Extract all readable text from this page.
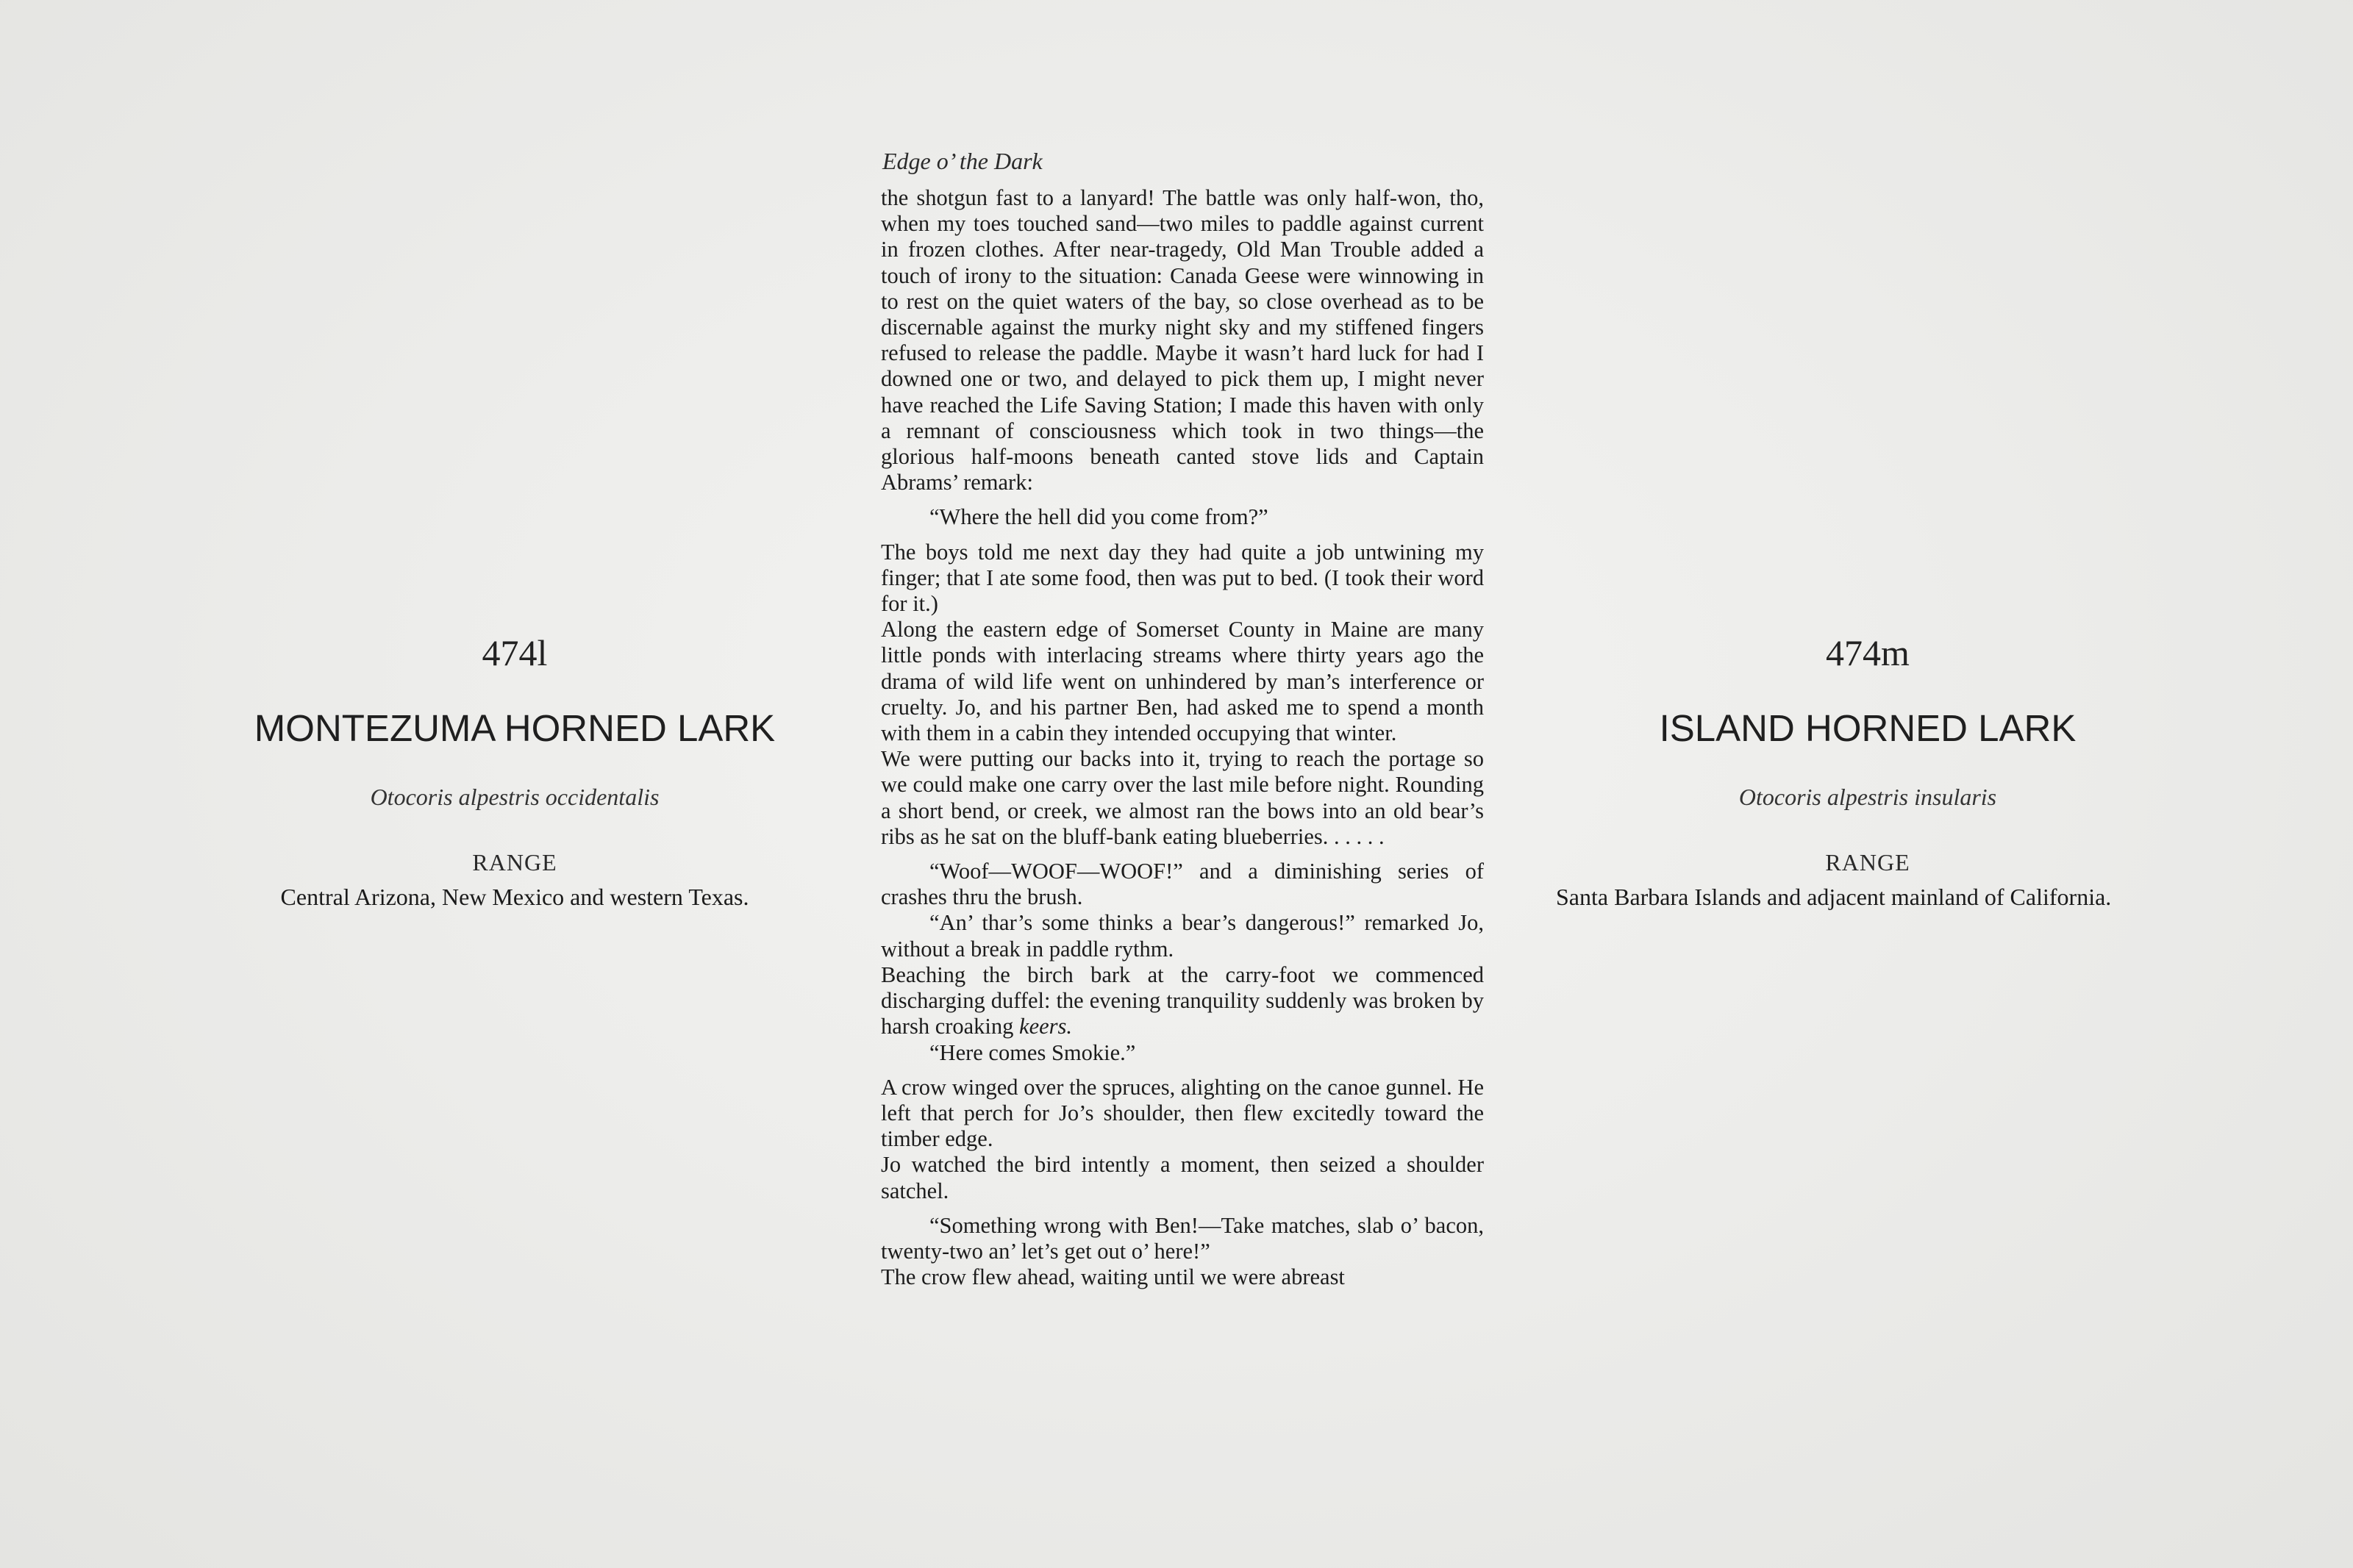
474l
MONTEZUMA HORNED LARK
Otocoris alpestris occidentalis
RANGE
Central Arizona, New Mexico and western Texas.
Edge o’ the Dark

the shotgun fast to a lanyard! The battle was only half-won, tho, when my toes touched sand—two miles to paddle against current in frozen clothes. After near-tragedy, Old Man Trouble added a touch of irony to the situation: Canada Geese were winnowing in to rest on the quiet waters of the bay, so close overhead as to be discernable against the murky night sky and my stiffened fingers refused to release the paddle. Maybe it wasn’t hard luck for had I downed one or two, and delayed to pick them up, I might never have reached the Life Saving Station; I made this haven with only a remnant of consciousness which took in two things—the glorious half-moons beneath canted stove lids and Captain Abrams’ remark:

“Where the hell did you come from?”

The boys told me next day they had quite a job untwining my finger; that I ate some food, then was put to bed. (I took their word for it.)

Along the eastern edge of Somerset County in Maine are many little ponds with interlacing streams where thirty years ago the drama of wild life went on unhindered by man’s interference or cruelty. Jo, and his partner Ben, had asked me to spend a month with them in a cabin they intended occupying that winter.

We were putting our backs into it, trying to reach the portage so we could make one carry over the last mile before night. Rounding a short bend, or creek, we almost ran the bows into an old bear’s ribs as he sat on the bluff-bank eating blueberries. . . . . .

“Woof—WOOF—WOOF!” and a diminishing series of crashes thru the brush.

“An’ thar’s some thinks a bear’s dangerous!” remarked Jo, without a break in paddle rythm.

Beaching the birch bark at the carry-foot we commenced discharging duffel: the evening tranquility suddenly was broken by harsh croaking keers.

“Here comes Smokie.”

A crow winged over the spruces, alighting on the canoe gunnel. He left that perch for Jo’s shoulder, then flew excitedly toward the timber edge.

Jo watched the bird intently a moment, then seized a shoulder satchel.

“Something wrong with Ben!—Take matches, slab o’ bacon, twenty-two an’ let’s get out o’ here!”

The crow flew ahead, waiting until we were abreast

474m
ISLAND HORNED LARK
Otocoris alpestris insularis
RANGE
Santa Barbara Islands and adjacent mainland of California.
